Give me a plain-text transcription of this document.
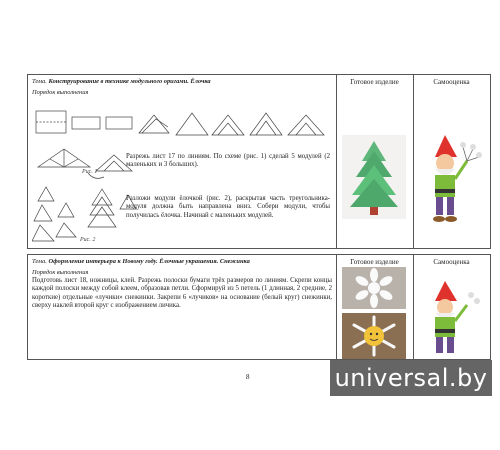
Тема. Конструирование в технике модульного оригами. Ёлочка
Порядок выполнения
Рис. 1
Разрежь лист 17 по линиям. По схеме (рис. 1) сделай 5 модулей (2 маленьких и 3 больших).
Рис. 2
Разложи модули ёлочкой (рис. 2), раскрытая часть треугольника-модуля должна быть направлена вниз. Собери модули, чтобы получилась ёлочка. Начинай с маленьких модулей.
Готовое изделие	Самооценка
Тема. Оформление интерьера к Новому году. Ёлочные украшения. Снежинка
Порядок выполнения
Подготовь лист 18, ножницы, клей. Разрежь полоски бумаги трёх размеров по линиям. Скрепи концы каждой полоски между собой клеем, образовав петли. Сформируй из 5 петель (1 длинная, 2 средние, 2 короткие) отдельные «лучики» снежинки. Закрепи 6 «лучиков» на основание (белый круг) снежинки, сверху наклей второй круг с изображением личика.
Готовое изделие	Самооценка
8	universal.by
